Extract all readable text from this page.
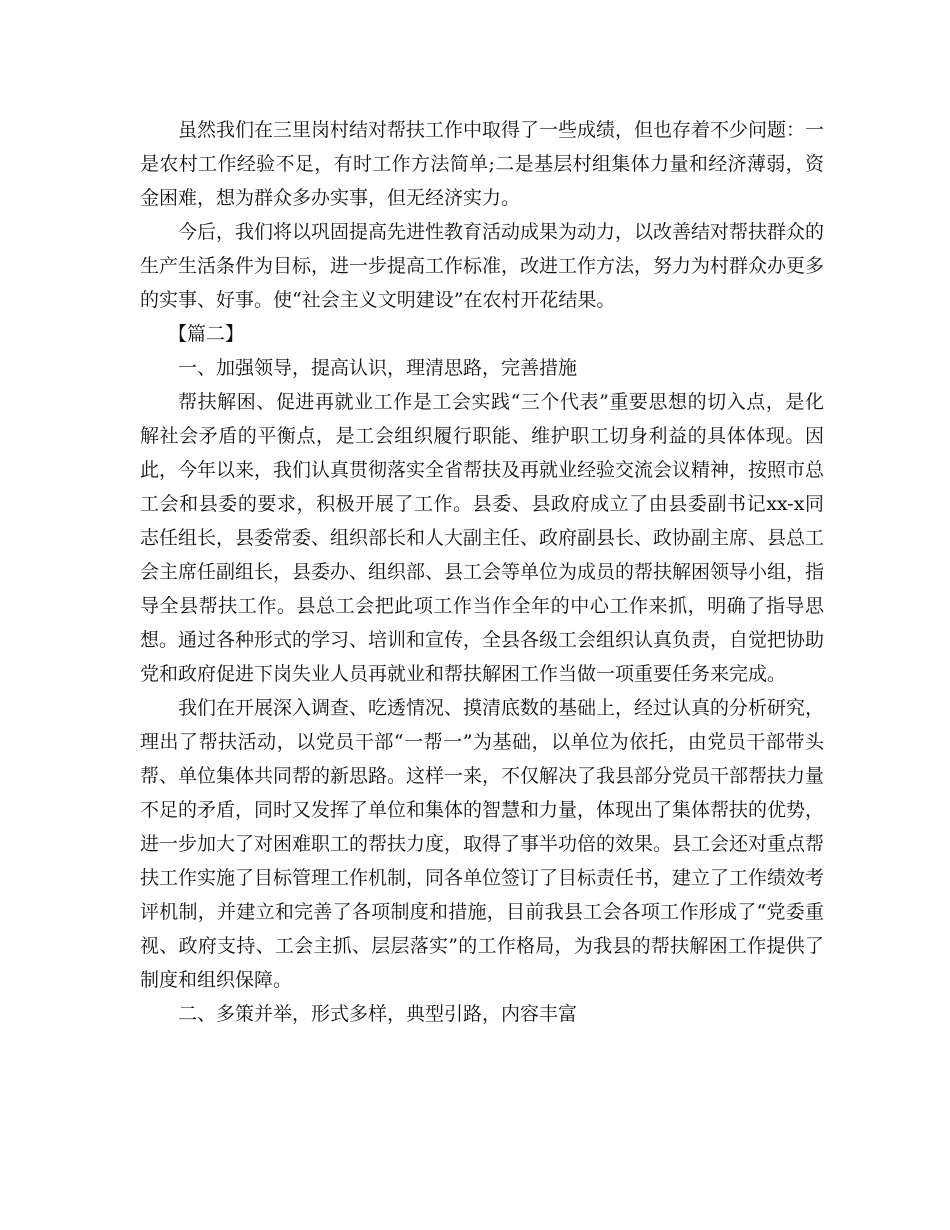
虽然我们在三里岗村结对帮扶工作中取得了一些成绩，但也存着不少问题：一是农村工作经验不足，有时工作方法简单;二是基层村组集体力量和经济薄弱，资金困难，想为群众多办实事，但无经济实力。

今后，我们将以巩固提高先进性教育活动成果为动力，以改善结对帮扶群众的生产生活条件为目标，进一步提高工作标准，改进工作方法，努力为村群众办更多的实事、好事。使“社会主义文明建设”在农村开花结果。

【篇二】

一、加强领导，提高认识，理清思路，完善措施

帮扶解困、促进再就业工作是工会实践“三个代表”重要思想的切入点，是化解社会矛盾的平衡点，是工会组织履行职能、维护职工切身利益的具体体现。因此，今年以来，我们认真贯彻落实全省帮扶及再就业经验交流会议精神，按照市总工会和县委的要求，积极开展了工作。县委、县政府成立了由县委副书记xx-x同志任组长，县委常委、组织部长和人大副主任、政府副县长、政协副主席、县总工会主席任副组长，县委办、组织部、县工会等单位为成员的帮扶解困领导小组，指导全县帮扶工作。县总工会把此项工作当作全年的中心工作来抓，明确了指导思想。通过各种形式的学习、培训和宣传，全县各级工会组织认真负责，自觉把协助党和政府促进下岗失业人员再就业和帮扶解困工作当做一项重要任务来完成。

我们在开展深入调查、吃透情况、摸清底数的基础上，经过认真的分析研究，理出了帮扶活动，以党员干部“一帮一”为基础，以单位为依托，由党员干部带头帮、单位集体共同帮的新思路。这样一来，不仅解决了我县部分党员干部帮扶力量不足的矛盾，同时又发挥了单位和集体的智慧和力量，体现出了集体帮扶的优势，进一步加大了对困难职工的帮扶力度，取得了事半功倍的效果。县工会还对重点帮扶工作实施了目标管理工作机制，同各单位签订了目标责任书，建立了工作绩效考评机制，并建立和完善了各项制度和措施，目前我县工会各项工作形成了“党委重视、政府支持、工会主抓、层层落实”的工作格局，为我县的帮扶解困工作提供了制度和组织保障。

二、多策并举，形式多样，典型引路，内容丰富
